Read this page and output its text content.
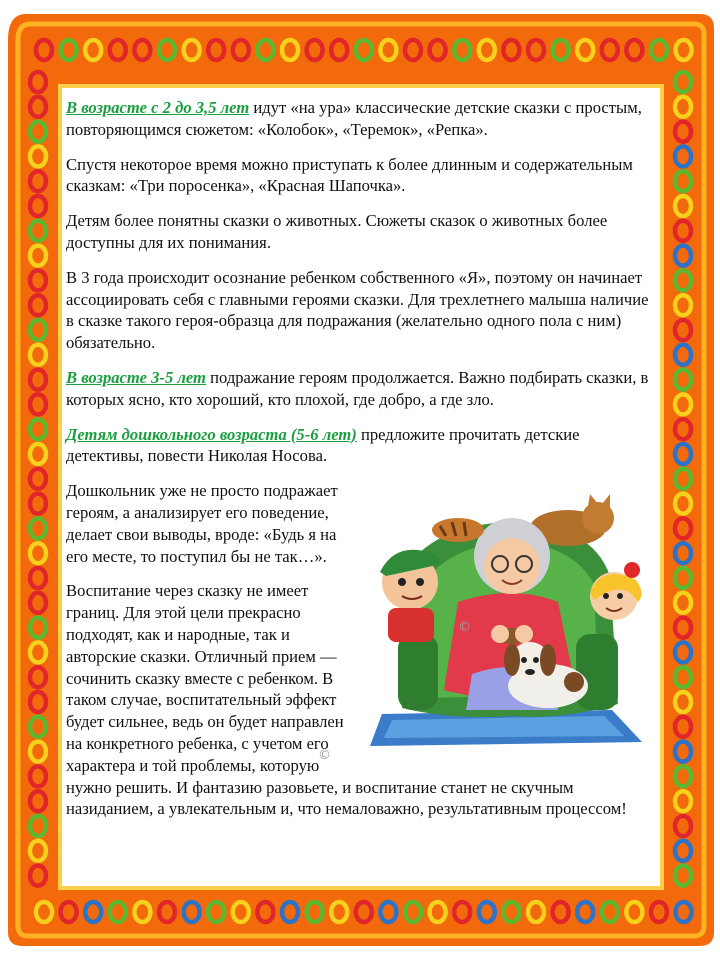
В возрасте с 2 до 3,5 лет идут «на ура» классические детские сказки с простым, повторяющимся сюжетом: «Колобок», «Теремок», «Репка».

Спустя некоторое время можно приступать к более длинным и содержательным сказкам: «Три поросенка», «Красная Шапочка».

Детям более понятны сказки о животных. Сюжеты сказок о животных более доступны для их понимания.

В 3 года происходит осознание ребенком собственного «Я», поэтому он начинает ассоциировать себя с главными героями сказки. Для трехлетнего малыша наличие в сказке такого героя-образца для подражания (желательно одного пола с ним) обязательно.

В возрасте 3-5 лет подражание героям продолжается. Важно подбирать сказки, в которых ясно, кто хороший, кто плохой, где добро, а где зло.

Детям дошкольного возраста (5-6 лет) предложите прочитать детские детективы, повести Николая Носова.

Дошкольник уже не просто подражает героям, а анализирует его поведение, делает свои выводы, вроде: «Будь я на его месте, то поступил бы не так…».

Воспитание через сказку не имеет границ. Для этой цели прекрасно подходят, как и народные, так и авторские сказки. Отличный прием — сочинить сказку вместе с ребенком. В таком случае, воспитательный эффект будет сильнее, ведь он будет направлен на конкретного ребенка, с учетом его характера и той проблемы, которую нужно решить. И фантазию разовьете, и воспитание станет не скучным назиданием, а увлекательным и, что немаловажно, результативным процессом!

©
©
